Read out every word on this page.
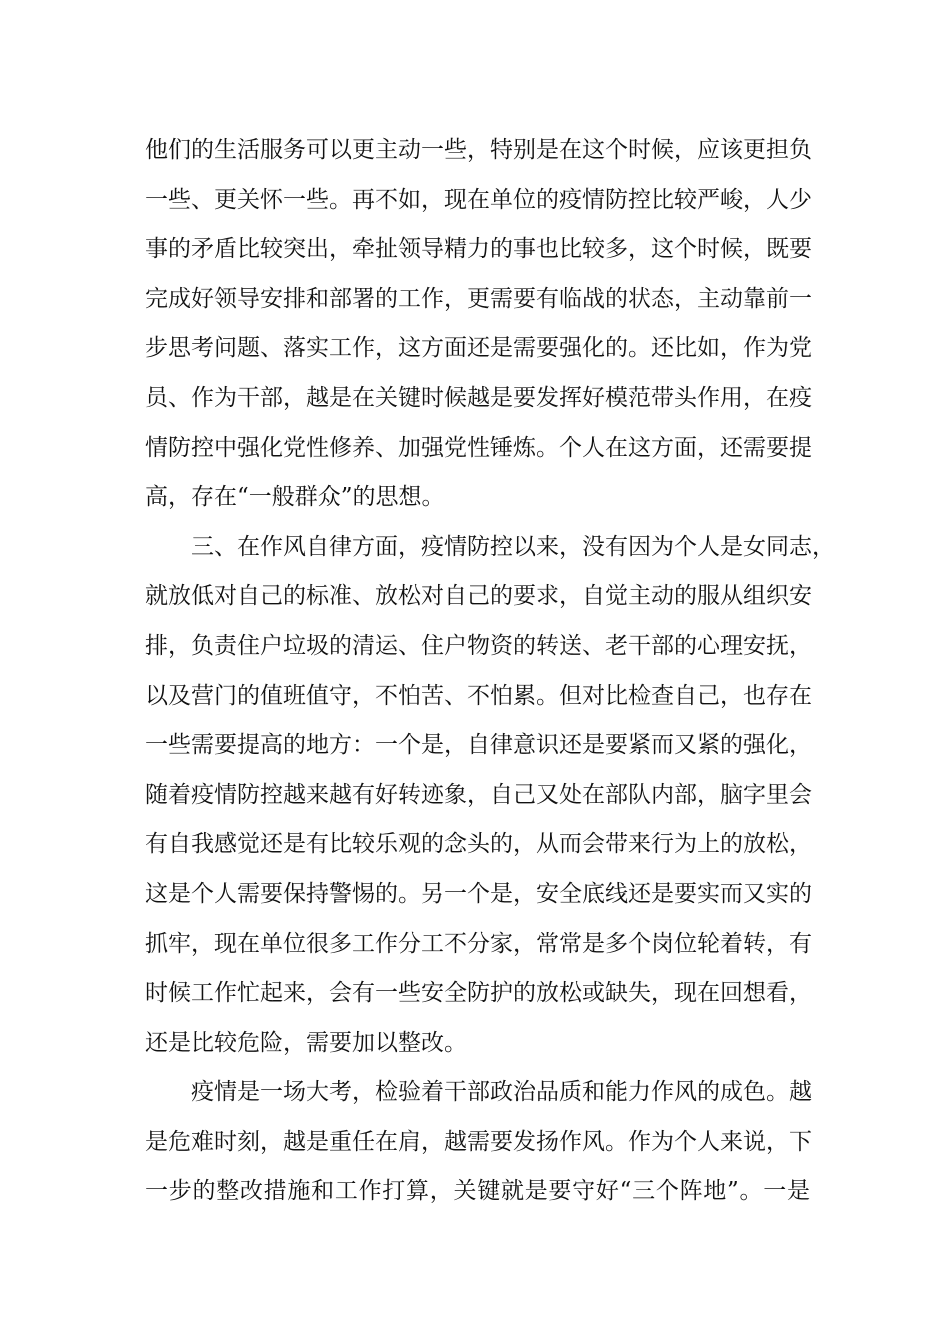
他们的生活服务可以更主动一些，特别是在这个时候，应该更担负
一些、更关怀一些。再不如，现在单位的疫情防控比较严峻，人少
事的矛盾比较突出，牵扯领导精力的事也比较多，这个时候，既要
完成好领导安排和部署的工作，更需要有临战的状态，主动靠前一
步思考问题、落实工作，这方面还是需要强化的。还比如，作为党
员、作为干部，越是在关键时候越是要发挥好模范带头作用，在疫
情防控中强化党性修养、加强党性锤炼。个人在这方面，还需要提
高，存在“一般群众”的思想。
三、在作风自律方面，疫情防控以来，没有因为个人是女同志，
就放低对自己的标准、放松对自己的要求，自觉主动的服从组织安
排，负责住户垃圾的清运、住户物资的转送、老干部的心理安抚，
以及营门的值班值守，不怕苦、不怕累。但对比检查自己，也存在
一些需要提高的地方：一个是，自律意识还是要紧而又紧的强化，
随着疫情防控越来越有好转迹象，自己又处在部队内部，脑字里会
有自我感觉还是有比较乐观的念头的，从而会带来行为上的放松，
这是个人需要保持警惕的。另一个是，安全底线还是要实而又实的
抓牢，现在单位很多工作分工不分家，常常是多个岗位轮着转，有
时候工作忙起来，会有一些安全防护的放松或缺失，现在回想看，
还是比较危险，需要加以整改。
疫情是一场大考，检验着干部政治品质和能力作风的成色。越
是危难时刻，越是重任在肩，越需要发扬作风。作为个人来说，下
一步的整改措施和工作打算，关键就是要守好“三个阵地”。一是
